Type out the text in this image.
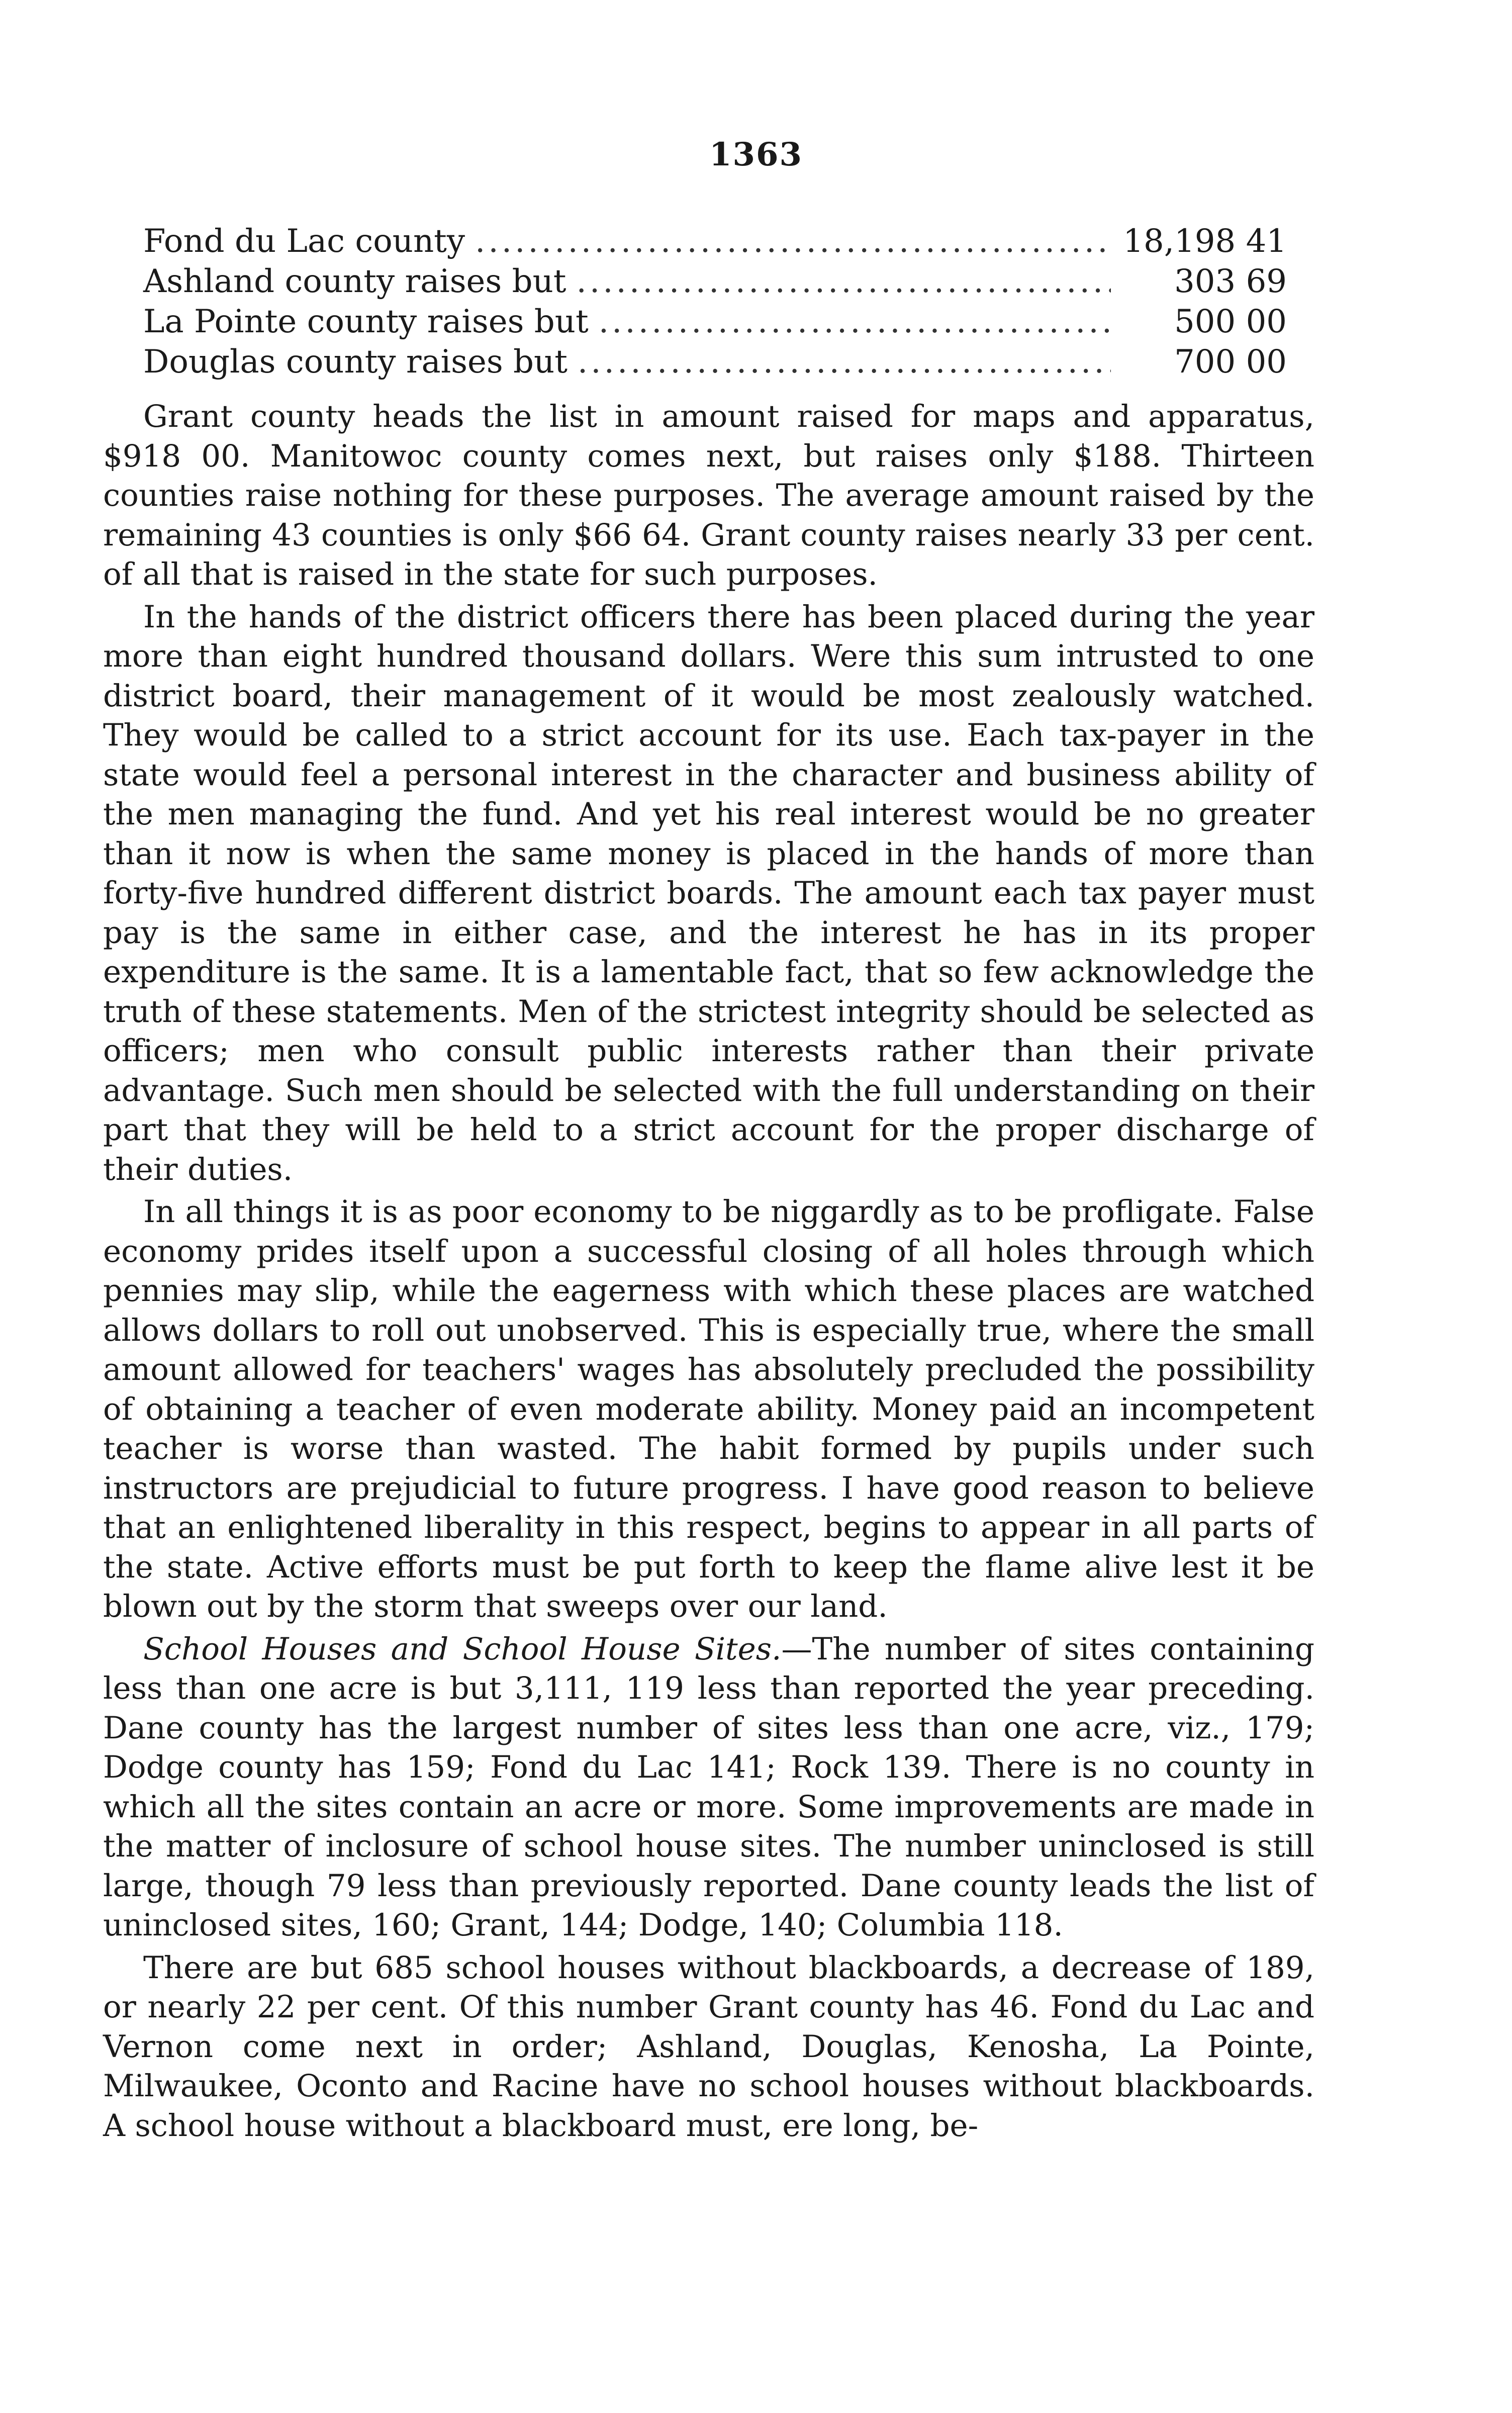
1363
Fond du Lac county .....	18,198 41
Ashland county raises but .....	303 69
La Pointe county raises but .....	500 00
Douglas county raises but .....	700 00

Grant county heads the list in amount raised for maps and apparatus, $918 00. Manitowoc county comes next, but raises only $188. Thirteen counties raise nothing for these purposes. The average amount raised by the remaining 43 counties is only $66 64. Grant county raises nearly 33 per cent. of all that is raised in the state for such purposes.

In the hands of the district officers there has been placed during the year more than eight hundred thousand dollars. Were this sum intrusted to one district board, their management of it would be most zealously watched. They would be called to a strict account for its use. Each tax-payer in the state would feel a personal interest in the character and business ability of the men managing the fund. And yet his real interest would be no greater than it now is when the same money is placed in the hands of more than forty-five hundred different district boards. The amount each tax payer must pay is the same in either case, and the interest he has in its proper expenditure is the same. It is a lamentable fact, that so few acknowledge the truth of these statements. Men of the strictest integrity should be selected as officers; men who consult public interests rather than their private advantage. Such men should be selected with the full understanding on their part that they will be held to a strict account for the proper discharge of their duties.

In all things it is as poor economy to be niggardly as to be profligate. False economy prides itself upon a successful closing of all holes through which pennies may slip, while the eagerness with which these places are watched allows dollars to roll out unobserved. This is especially true, where the small amount allowed for teachers' wages has absolutely precluded the possibility of obtaining a teacher of even moderate ability. Money paid an incompetent teacher is worse than wasted. The habit formed by pupils under such instructors are prejudicial to future progress. I have good reason to believe that an enlightened liberality in this respect, begins to appear in all parts of the state. Active efforts must be put forth to keep the flame alive lest it be blown out by the storm that sweeps over our land.

School Houses and School House Sites.—The number of sites containing less than one acre is but 3,111, 119 less than reported the year preceding. Dane county has the largest number of sites less than one acre, viz., 179; Dodge county has 159; Fond du Lac 141; Rock 139. There is no county in which all the sites contain an acre or more. Some improvements are made in the matter of inclosure of school house sites. The number uninclosed is still large, though 79 less than previously reported. Dane county leads the list of uninclosed sites, 160; Grant, 144; Dodge, 140; Columbia 118.

There are but 685 school houses without blackboards, a decrease of 189, or nearly 22 per cent. Of this number Grant county has 46. Fond du Lac and Vernon come next in order; Ashland, Douglas, Kenosha, La Pointe, Milwaukee, Oconto and Racine have no school houses without blackboards. A school house without a blackboard must, ere long, be-
